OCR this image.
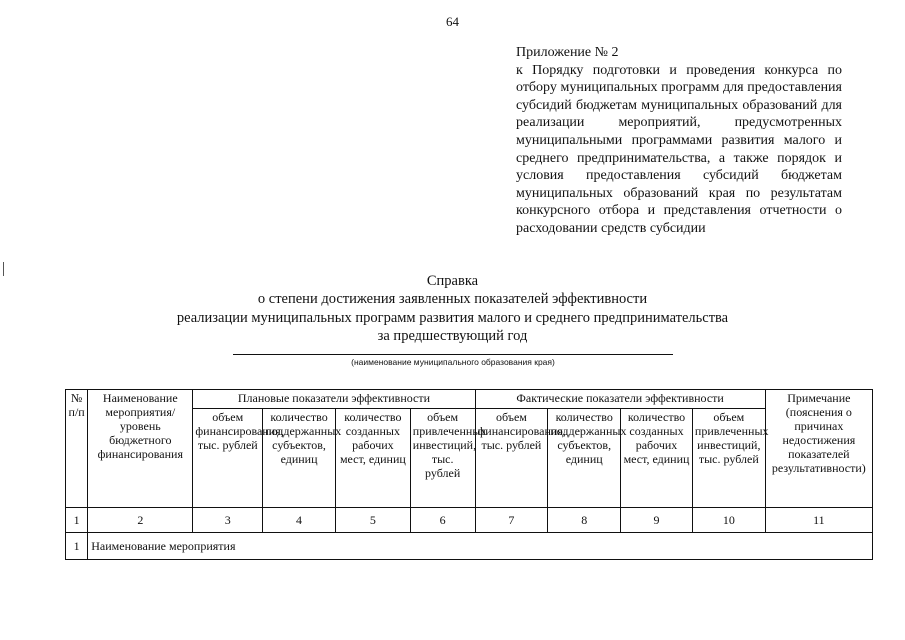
64
Приложение № 2
к Порядку подготовки и проведения конкурса по отбору муниципальных программ для предоставления субсидий бюджетам муниципальных образований для реализации мероприятий, предусмотренных муниципальными программами развития малого и среднего предпринимательства, а также порядок и условия предоставления субсидий бюджетам муниципальных образований края по результатам конкурсного отбора и представления отчетности о расходовании средств субсидии
Справка
о степени достижения заявленных показателей эффективности
реализации муниципальных программ развития малого и среднего предпринимательства
за предшествующий год
(наименование муниципального образования края)
№ п/п	Наименование мероприятия/уровень бюджетного финансирования	Плановые показатели эффективности				Фактические показатели эффективности				Примечание (пояснения о причинах недостижения показателей результативности)
		объем финансирования, тыс. рублей	количество поддержанных субъектов, единиц	количество созданных рабочих мест, единиц	объем привлеченных инвестиций, тыс. рублей	объем финансирования, тыс. рублей	количество поддержанных субъектов, единиц	количество созданных рабочих мест, единиц	объем привлеченных инвестиций, тыс. рублей	
1	2	3	4	5	6	7	8	9	10	11
1	Наименование мероприятия									
